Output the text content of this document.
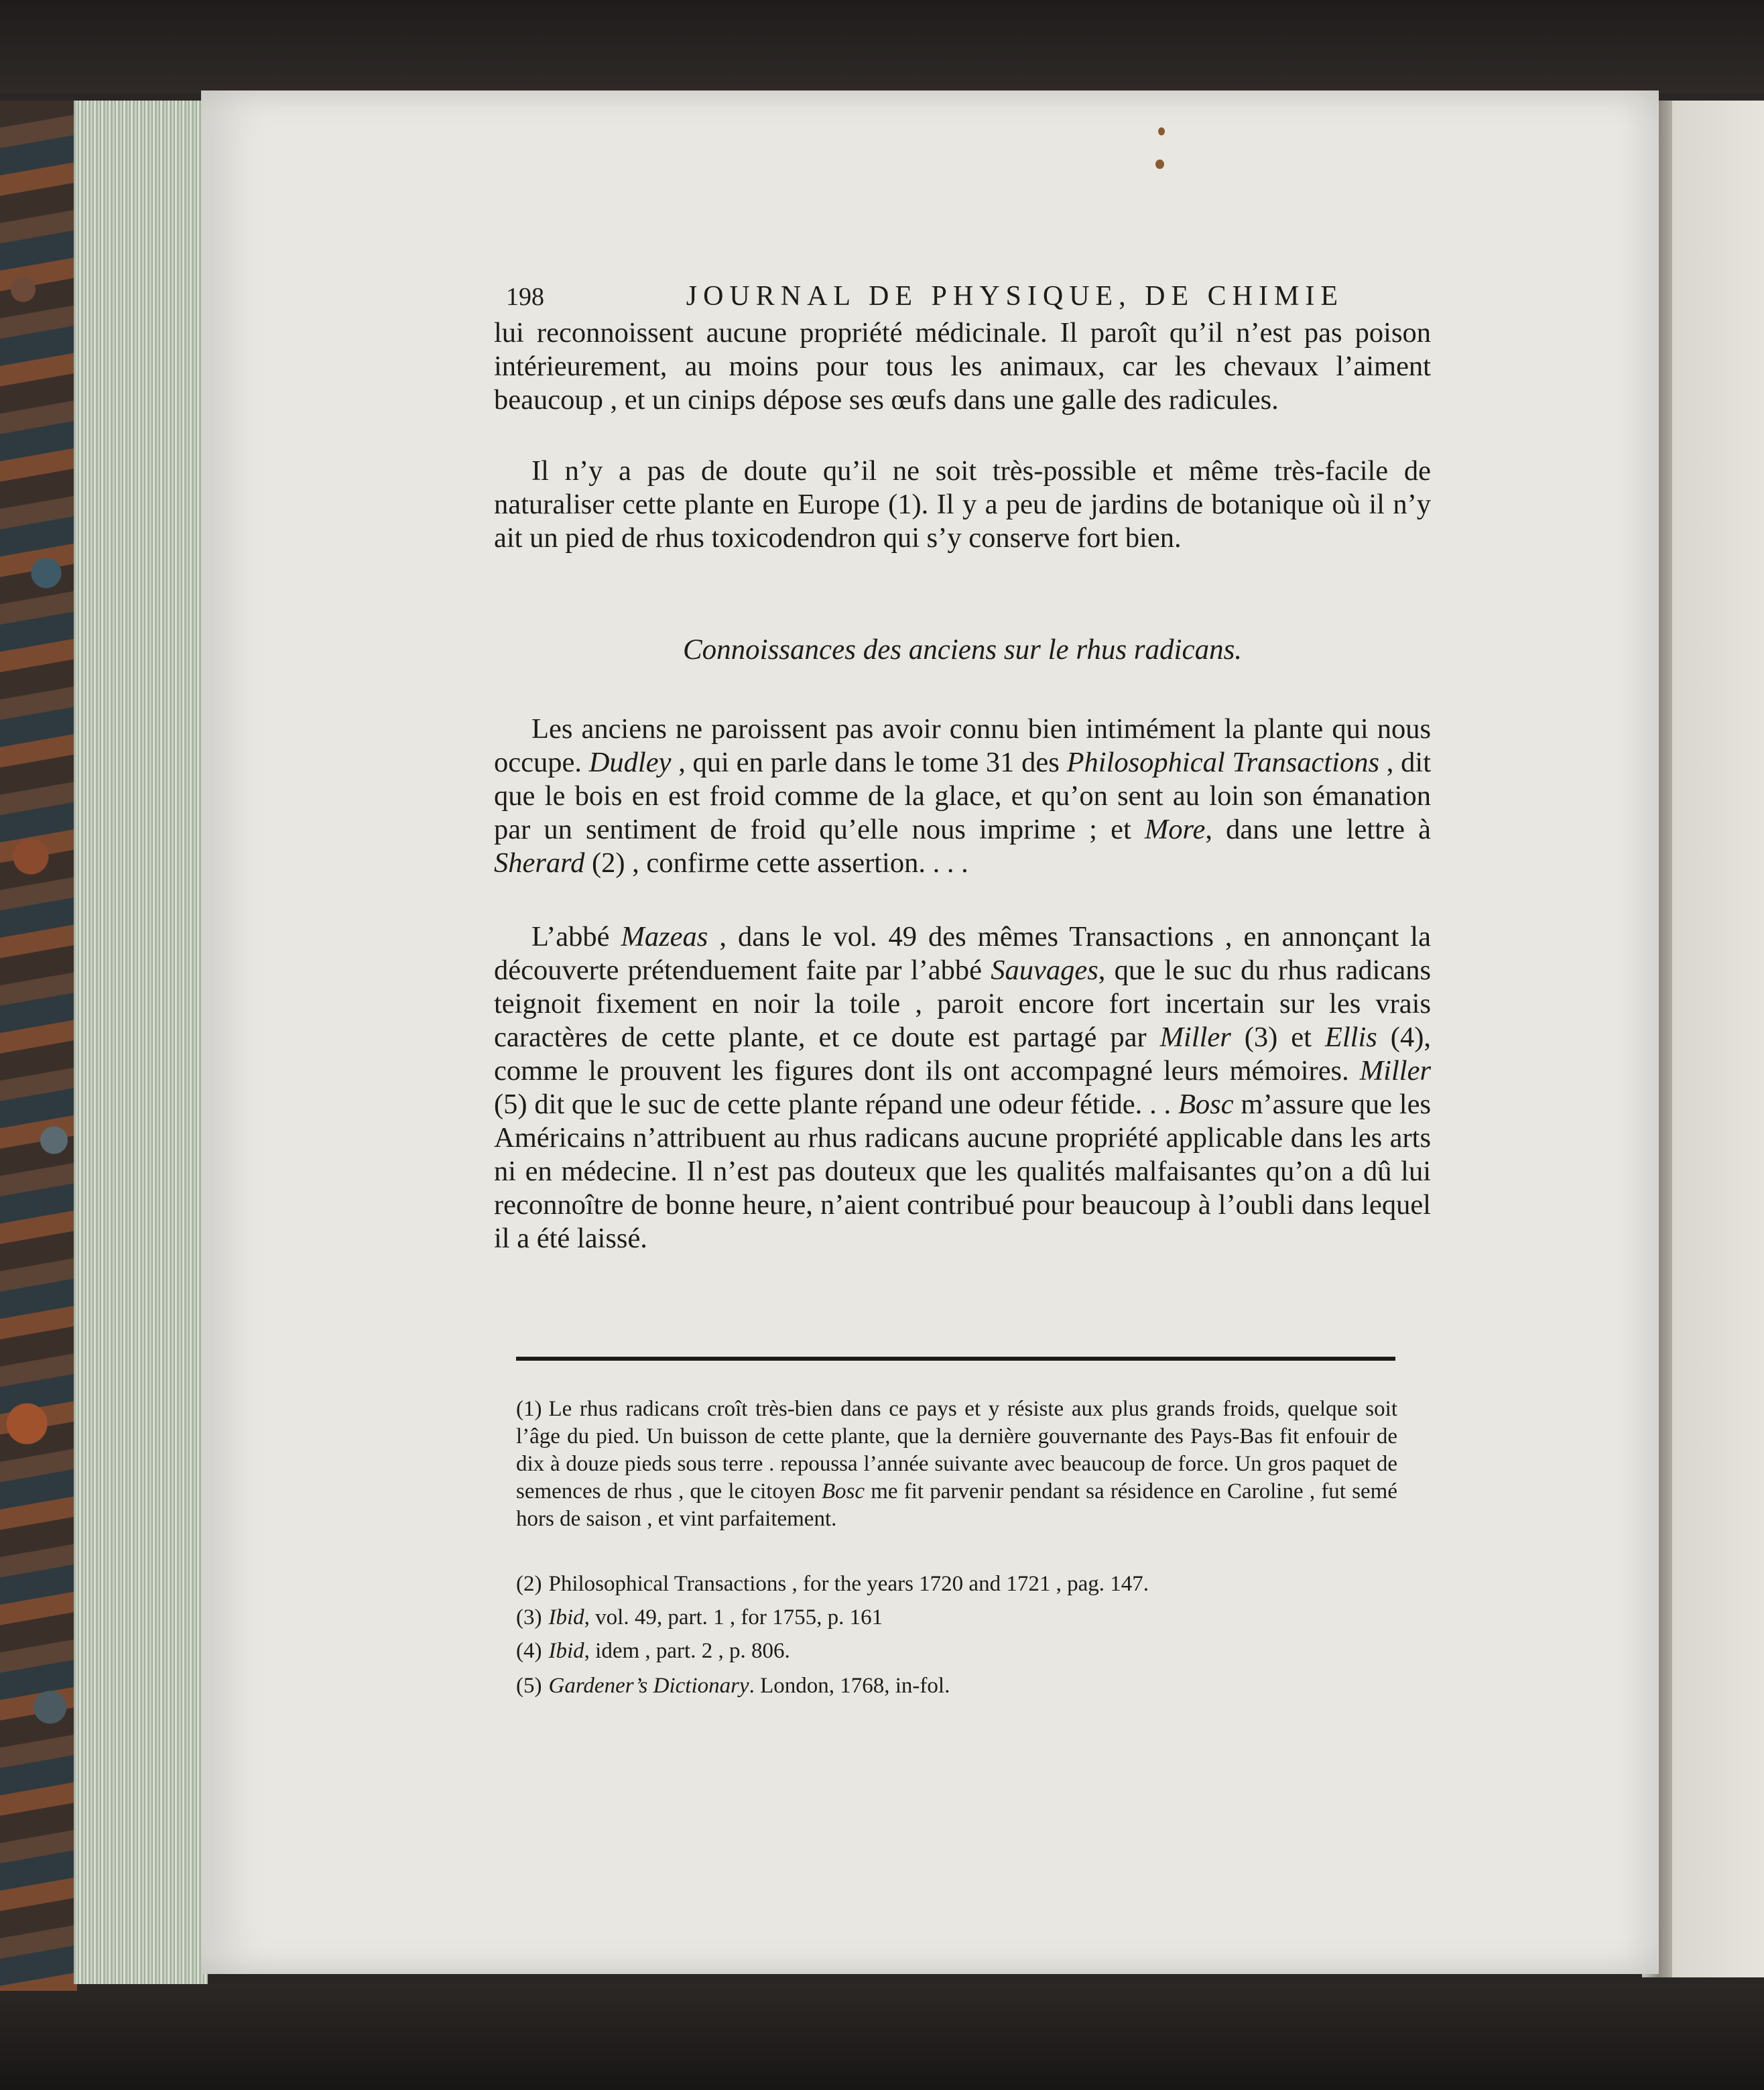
198	JOURNAL DE PHYSIQUE, DE CHIMIE

lui reconnoissent aucune propriété médicinale. Il paroît qu’il n’est pas poison intérieurement, au moins pour tous les animaux, car les chevaux l’aiment beaucoup , et un cinips dépose ses œufs dans une galle des radicules.

Il n’y a pas de doute qu’il ne soit très-possible et même très-facile de naturaliser cette plante en Europe (1). Il y a peu de jardins de botanique où il n’y ait un pied de rhus toxicodendron qui s’y conserve fort bien.

Connoissances des anciens sur le rhus radicans.

Les anciens ne paroissent pas avoir connu bien intimément la plante qui nous occupe. Dudley , qui en parle dans le tome 31 des Philosophical Transactions , dit que le bois en est froid comme de la glace, et qu’on sent au loin son émanation par un sentiment de froid qu’elle nous imprime ; et More, dans une lettre à Sherard (2) , confirme cette assertion. . . .

L’abbé Mazeas , dans le vol. 49 des mêmes Transactions , en annonçant la découverte prétenduement faite par l’abbé Sauvages, que le suc du rhus radicans teignoit fixement en noir la toile , paroit encore fort incertain sur les vrais caractères de cette plante, et ce doute est partagé par Miller (3) et Ellis (4), comme le prouvent les figures dont ils ont accompagné leurs mémoires. Miller (5) dit que le suc de cette plante répand une odeur fétide. . . Bosc m’assure que les Américains n’attribuent au rhus radicans aucune propriété applicable dans les arts ni en médecine. Il n’est pas douteux que les qualités malfaisantes qu’on a dû lui reconnoître de bonne heure, n’aient contribué pour beaucoup à l’oubli dans lequel il a été laissé.

(1) Le rhus radicans croît très-bien dans ce pays et y résiste aux plus grands froids, quelque soit l’âge du pied. Un buisson de cette plante, que la dernière gouvernante des Pays-Bas fit enfouir de dix à douze pieds sous terre . repoussa l’année suivante avec beaucoup de force. Un gros paquet de semences de rhus , que le citoyen Bosc me fit parvenir pendant sa résidence en Caroline , fut semé hors de saison , et vint parfaitement.

(2) Philosophical Transactions , for the years 1720 and 1721 , pag. 147.

(3) Ibid, vol. 49, part. 1 , for 1755, p. 161

(4) Ibid, idem , part. 2 , p. 806.

(5) Gardener’s Dictionary. London, 1768, in-fol.
